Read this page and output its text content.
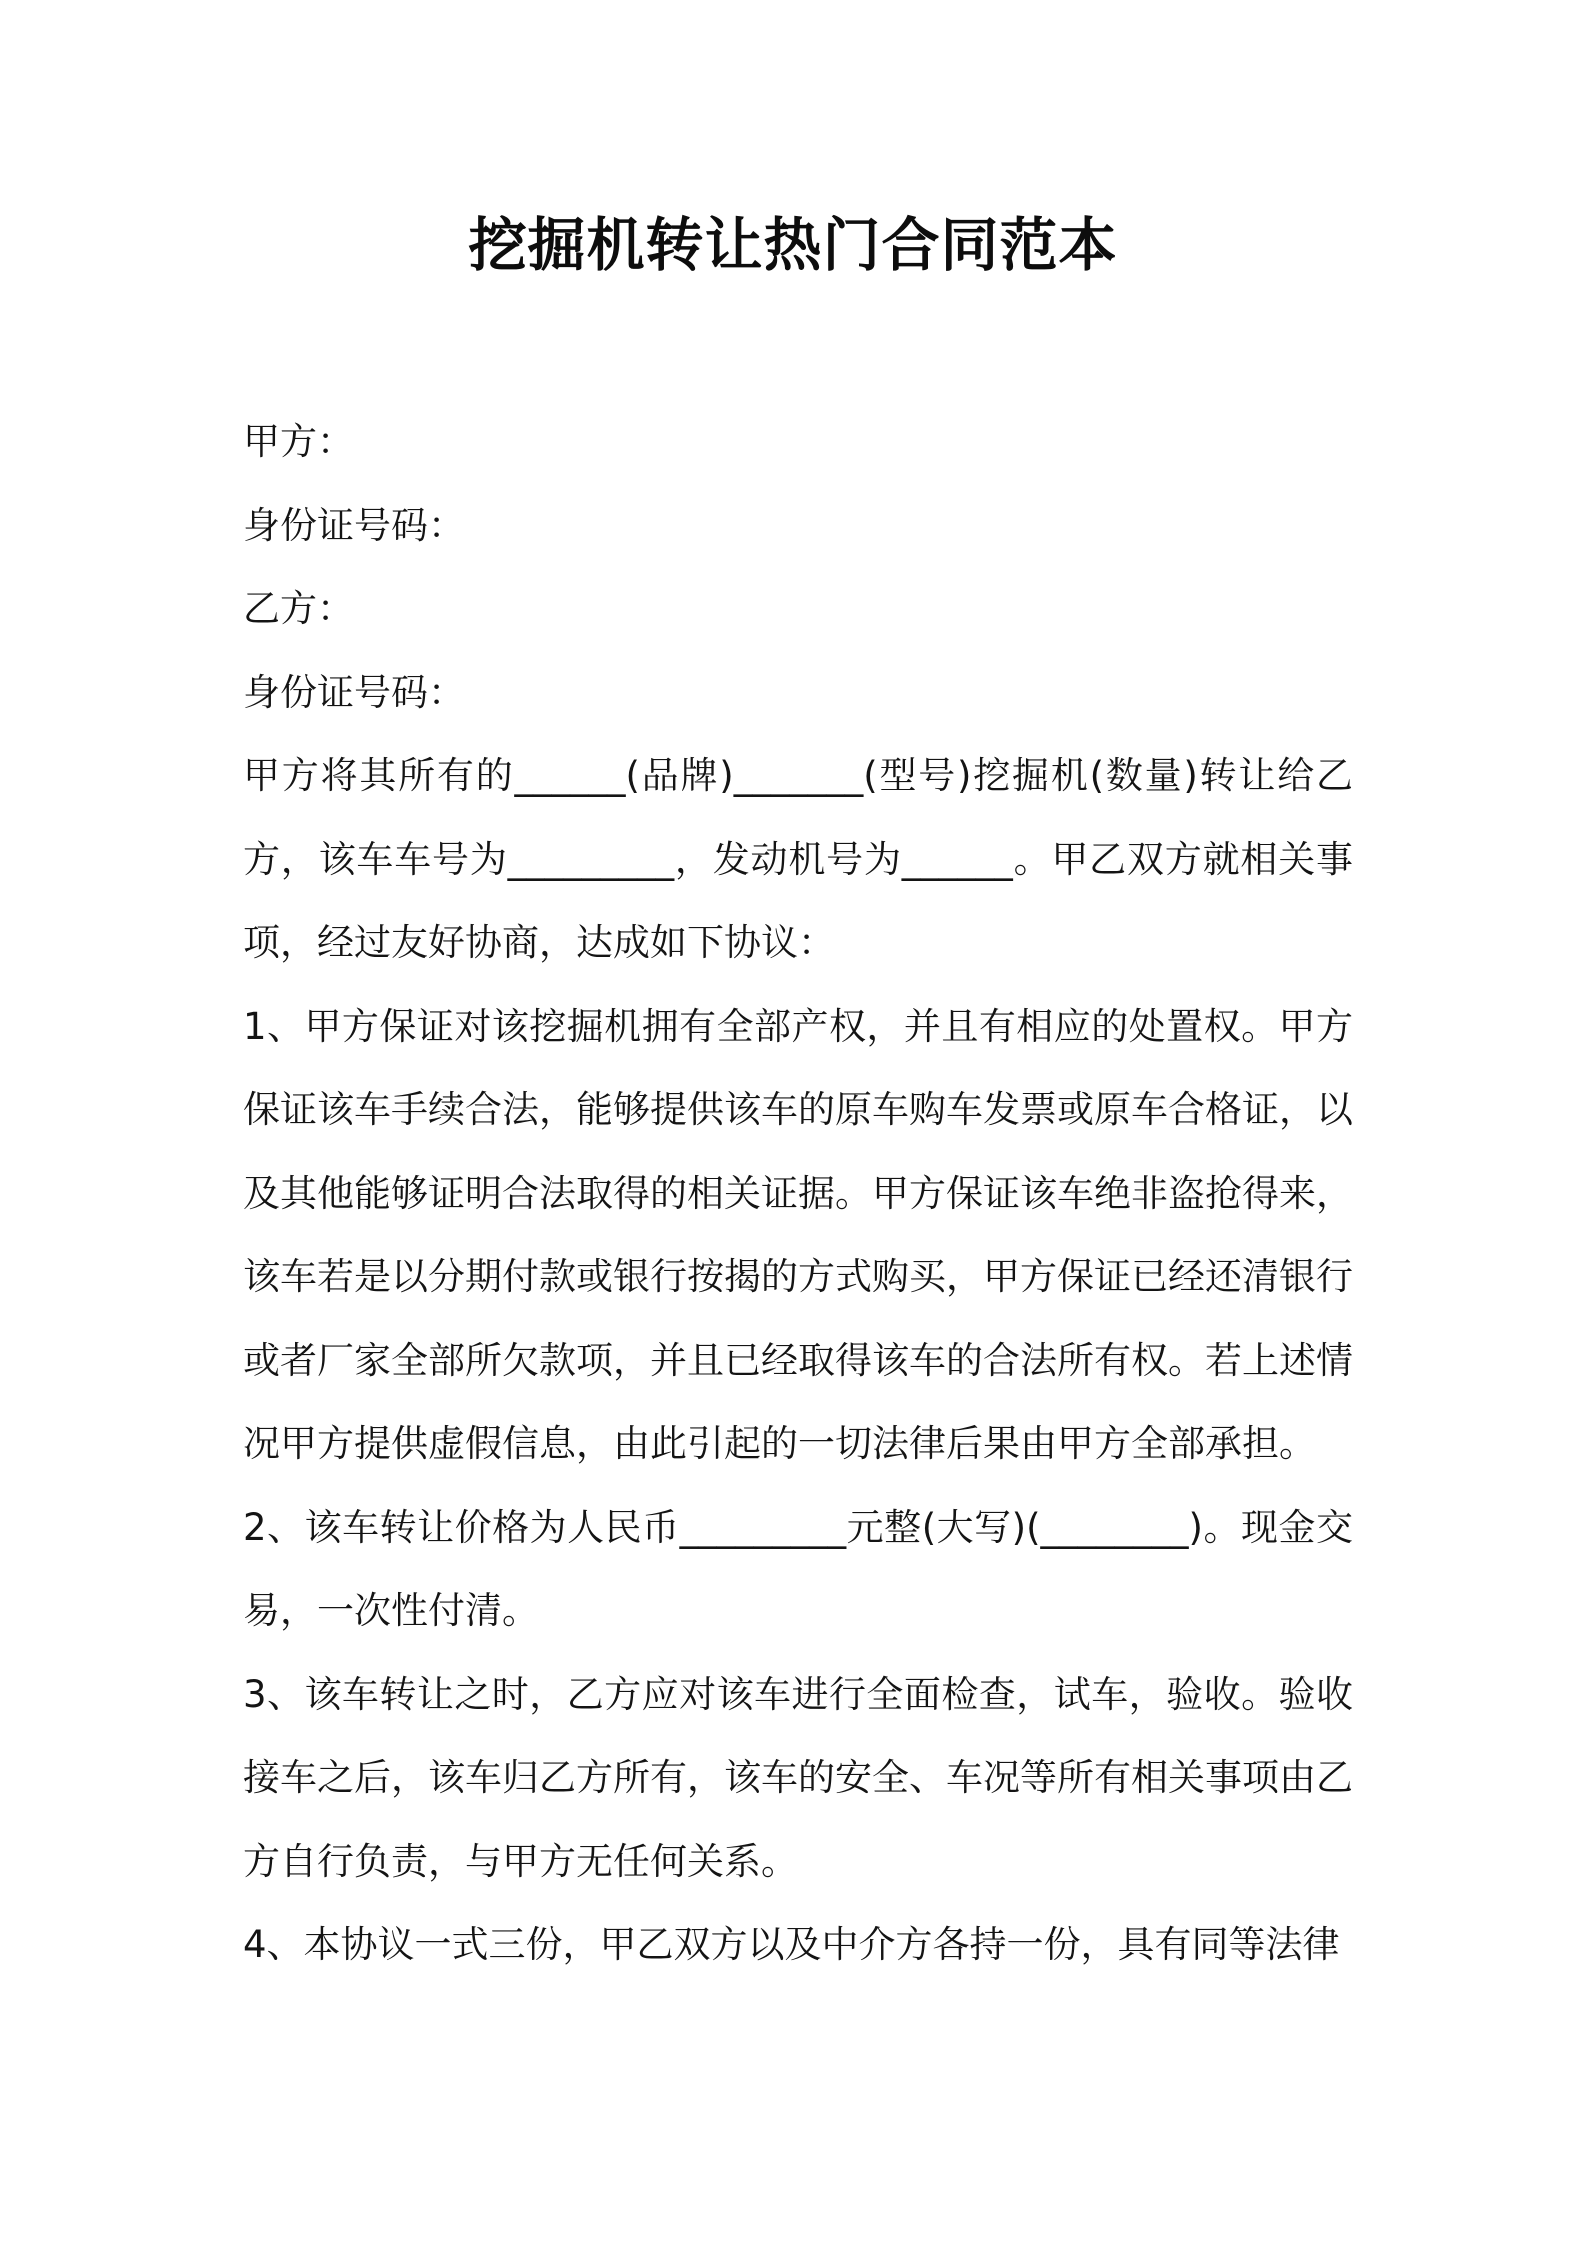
挖掘机转让热门合同范本

甲方：

身份证号码：

乙方：

身份证号码：

甲方将其所有的______(品牌)_______(型号)挖掘机(数量)转让给乙方，该车车号为_________，发动机号为______。甲乙双方就相关事项，经过友好协商，达成如下协议：

1、甲方保证对该挖掘机拥有全部产权，并且有相应的处置权。甲方保证该车手续合法，能够提供该车的原车购车发票或原车合格证，以及其他能够证明合法取得的相关证据。甲方保证该车绝非盗抢得来，该车若是以分期付款或银行按揭的方式购买，甲方保证已经还清银行或者厂家全部所欠款项，并且已经取得该车的合法所有权。若上述情况甲方提供虚假信息，由此引起的一切法律后果由甲方全部承担。

2、该车转让价格为人民币_________元整(大写)(________)。现金交易，一次性付清。

3、该车转让之时，乙方应对该车进行全面检查，试车，验收。验收接车之后，该车归乙方所有，该车的安全、车况等所有相关事项由乙方自行负责，与甲方无任何关系。

4、本协议一式三份，甲乙双方以及中介方各持一份，具有同等法律
